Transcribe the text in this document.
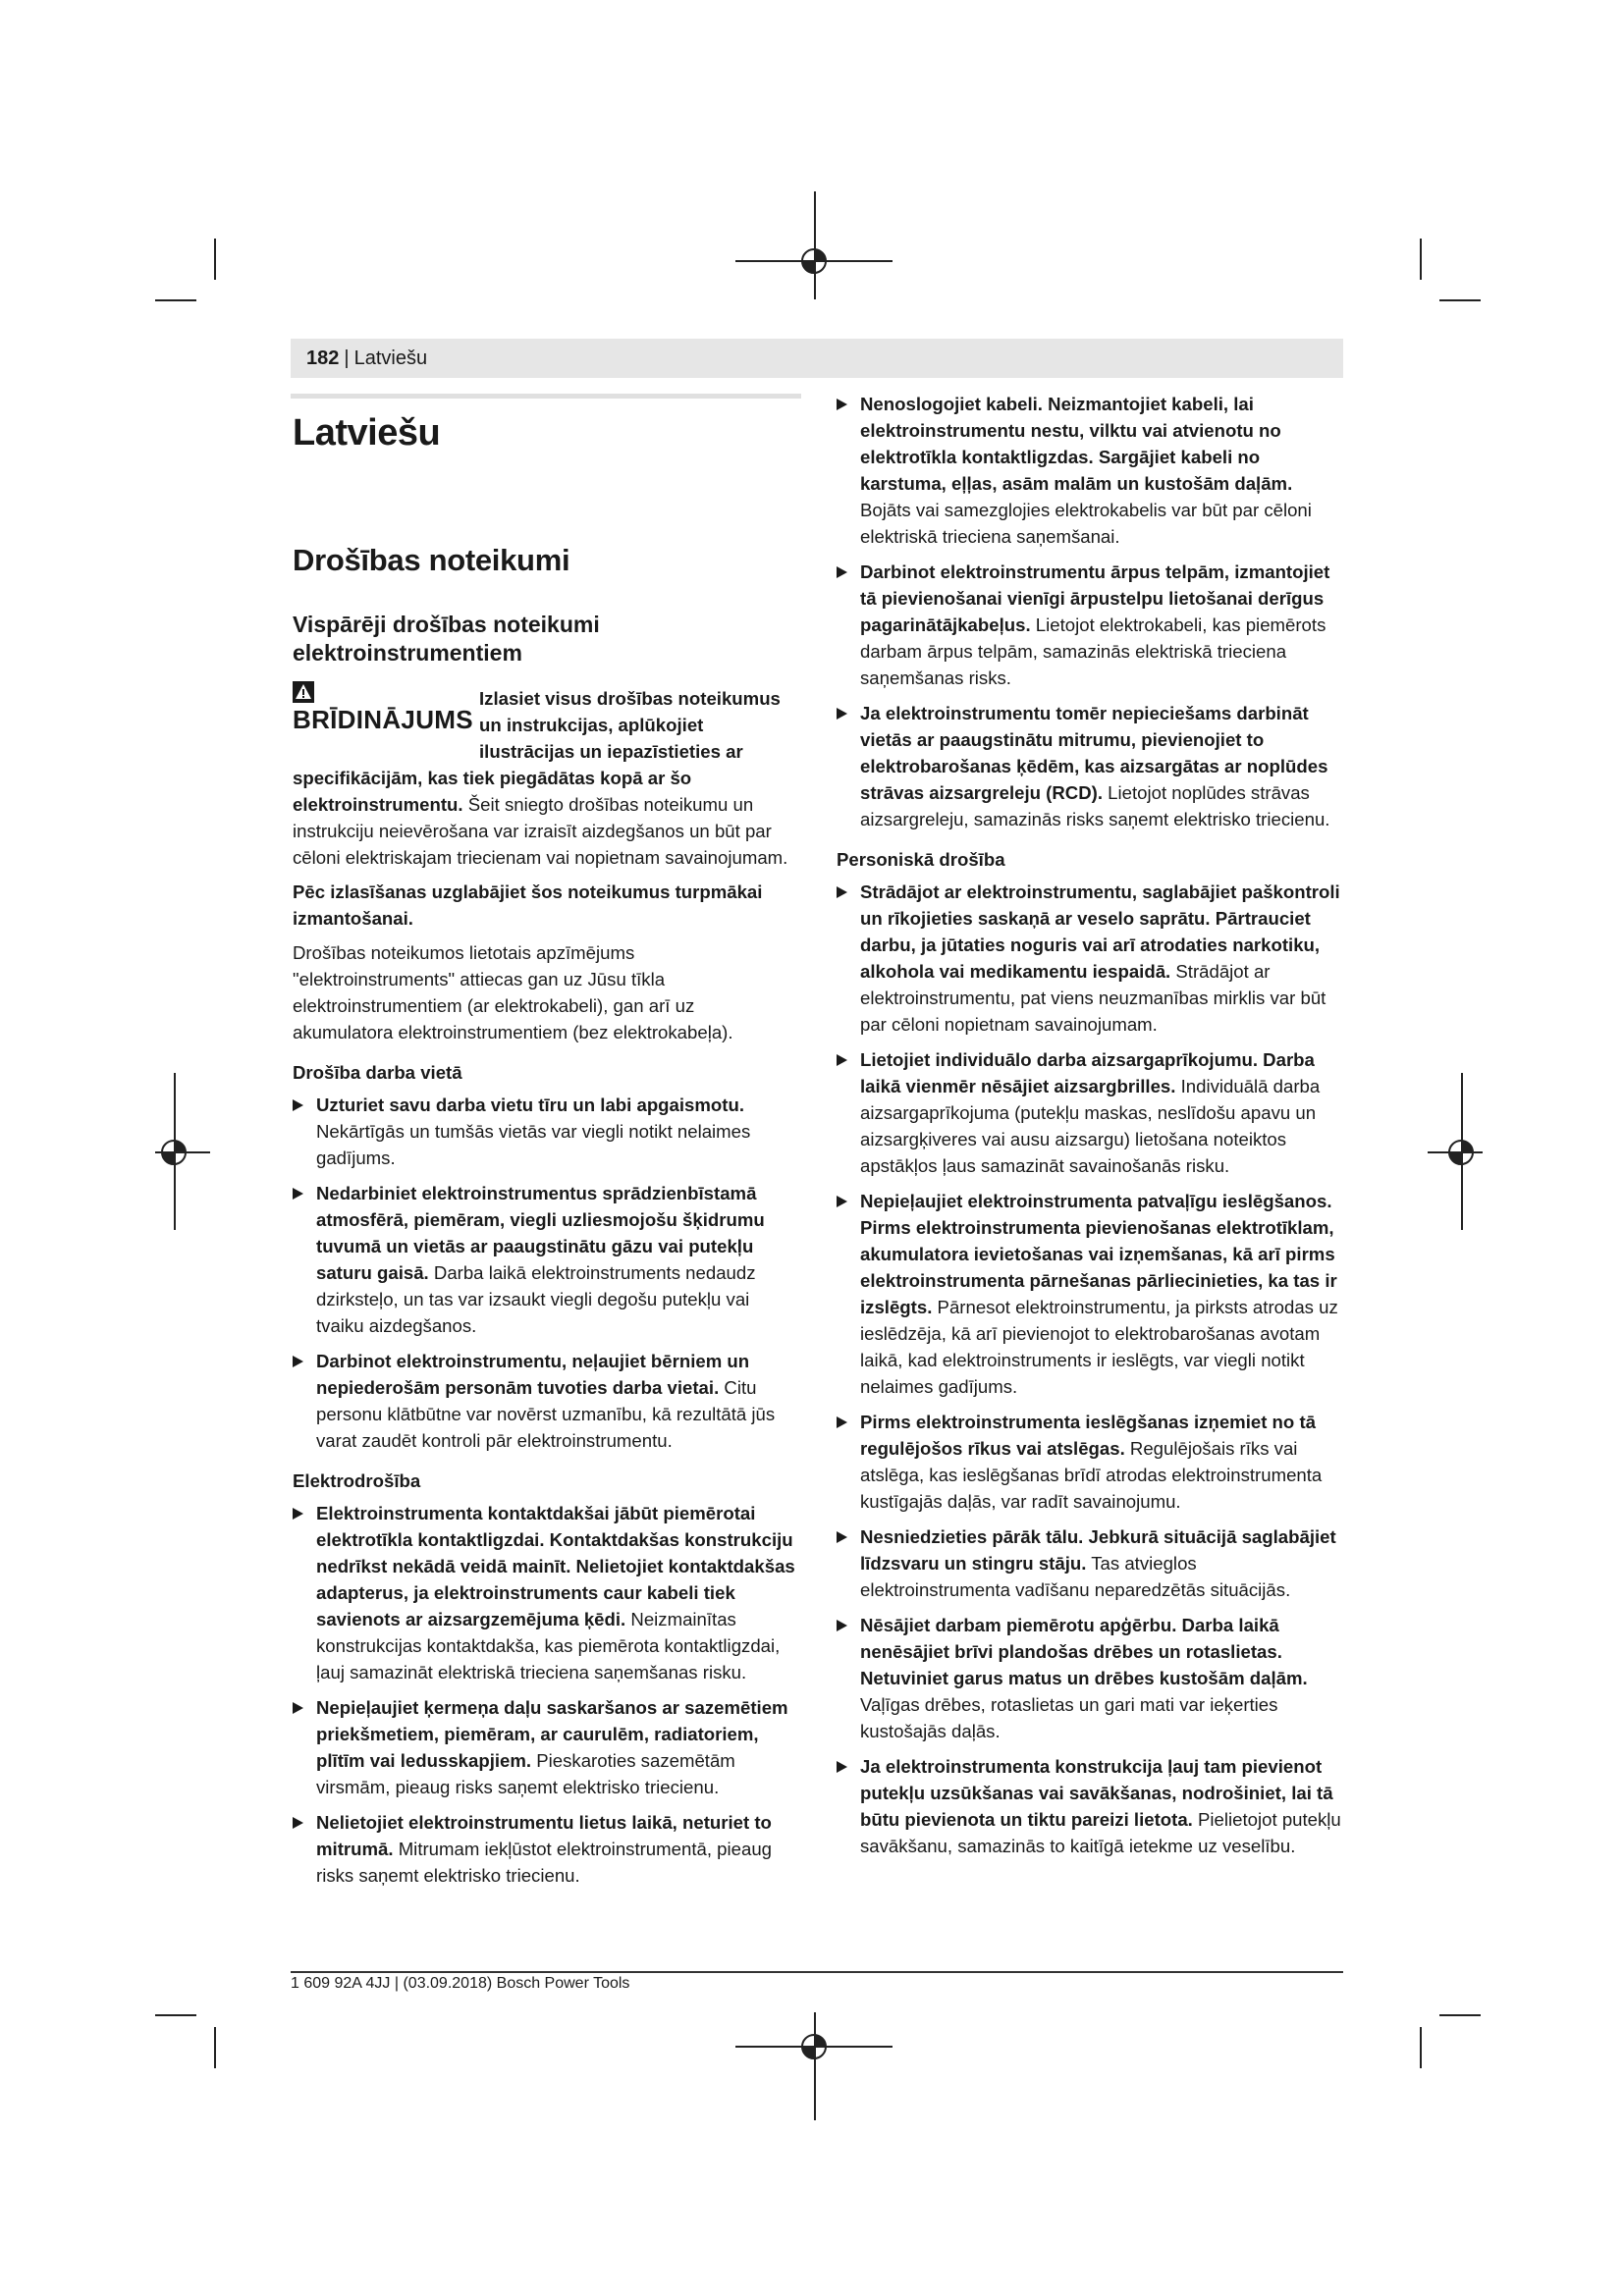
182 | Latviešu
Latviešu
Drošības noteikumi
Vispārēji drošības noteikumi elektroinstrumentiem
BRĪDINĀJUMS
Izlasiet visus drošības noteikumus un instrukcijas, aplūkojiet ilustrācijas un iepazīstieties ar specifikācijām, kas tiek piegādātas kopā ar šo elektroinstrumentu. Šeit sniegto drošības noteikumu un instrukciju neievērošana var izraisīt aizdegšanos un būt par cēloni elektriskajam triecienam vai nopietnam savainojumam.

Pēc izlasīšanas uzglabājiet šos noteikumus turpmākai izmantošanai.

Drošības noteikumos lietotais apzīmējums "elektroinstruments" attiecas gan uz Jūsu tīkla elektroinstrumentiem (ar elektrokabeli), gan arī uz akumulatora elektroinstrumentiem (bez elektrokabeļa).

Drošība darba vietā
Uzturiet savu darba vietu tīru un labi apgaismotu. Nekārtīgās un tumšās vietās var viegli notikt nelaimes gadījums.
Nedarbiniet elektroinstrumentus sprādzienbīstamā atmosfērā, piemēram, viegli uzliesmojošu šķidrumu tuvumā un vietās ar paaugstinātu gāzu vai putekļu saturu gaisā. Darba laikā elektroinstruments nedaudz dzirksteļo, un tas var izsaukt viegli degošu putekļu vai tvaiku aizdegšanos.
Darbinot elektroinstrumentu, neļaujiet bērniem un nepiederošām personām tuvoties darba vietai. Citu personu klātbūtne var novērst uzmanību, kā rezultātā jūs varat zaudēt kontroli pār elektroinstrumentu.
Elektrodrošība
Elektroinstrumenta kontaktdakšai jābūt piemērotai elektrotīkla kontaktligzdai. Kontaktdakšas konstrukciju nedrīkst nekādā veidā mainīt. Nelietojiet kontaktdakšas adapterus, ja elektroinstruments caur kabeli tiek savienots ar aizsargzemējuma ķēdi. Neizmainītas konstrukcijas kontaktdakša, kas piemērota kontaktligzdai, ļauj samazināt elektriskā trieciena saņemšanas risku.
Nepieļaujiet ķermeņa daļu saskaršanos ar sazemētiem priekšmetiem, piemēram, ar caurulēm, radiatoriem, plītīm vai ledusskapjiem. Pieskaroties sazemētām virsmām, pieaug risks saņemt elektrisko triecienu.
Nelietojiet elektroinstrumentu lietus laikā, neturiet to mitrumā. Mitrumam iekļūstot elektroinstrumentā, pieaug risks saņemt elektrisko triecienu.
Nenoslogojiet kabeli. Neizmantojiet kabeli, lai elektroinstrumentu nestu, vilktu vai atvienotu no elektrotīkla kontaktligzdas. Sargājiet kabeli no karstuma, eļļas, asām malām un kustošām daļām. Bojāts vai samezglojies elektrokabelis var būt par cēloni elektriskā trieciena saņemšanai.
Darbinot elektroinstrumentu ārpus telpām, izmantojiet tā pievienošanai vienīgi ārpustelpu lietošanai derīgus pagarinātājkabeļus. Lietojot elektrokabeli, kas piemērots darbam ārpus telpām, samazinās elektriskā trieciena saņemšanas risks.
Ja elektroinstrumentu tomēr nepieciešams darbināt vietās ar paaugstinātu mitrumu, pievienojiet to elektrobarošanas ķēdēm, kas aizsargātas ar noplūdes strāvas aizsargreleju (RCD). Lietojot noplūdes strāvas aizsargreleju, samazinās risks saņemt elektrisko triecienu.
Personiskā drošība
Strādājot ar elektroinstrumentu, saglabājiet paškontroli un rīkojieties saskaņā ar veselo saprātu. Pārtrauciet darbu, ja jūtaties noguris vai arī atrodaties narkotiku, alkohola vai medikamentu iespaidā. Strādājot ar elektroinstrumentu, pat viens neuzmanības mirklis var būt par cēloni nopietnam savainojumam.
Lietojiet individuālo darba aizsargaprīkojumu. Darba laikā vienmēr nēsājiet aizsargbrilles. Individuālā darba aizsargaprīkojuma (putekļu maskas, neslīdošu apavu un aizsargķiveres vai ausu aizsargu) lietošana noteiktos apstākļos ļaus samazināt savainošanās risku.
Nepieļaujiet elektroinstrumenta patvaļīgu ieslēgšanos. Pirms elektroinstrumenta pievienošanas elektrotīklam, akumulatora ievietošanas vai izņemšanas, kā arī pirms elektroinstrumenta pārnešanas pārliecinieties, ka tas ir izslēgts. Pārnesot elektroinstrumentu, ja pirksts atrodas uz ieslēdzēja, kā arī pievienojot to elektrobarošanas avotam laikā, kad elektroinstruments ir ieslēgts, var viegli notikt nelaimes gadījums.
Pirms elektroinstrumenta ieslēgšanas izņemiet no tā regulējošos rīkus vai atslēgas. Regulējošais rīks vai atslēga, kas ieslēgšanas brīdī atrodas elektroinstrumenta kustīgajās daļās, var radīt savainojumu.
Nesniedzieties pārāk tālu. Jebkurā situācijā saglabājiet līdzsvaru un stingru stāju. Tas atvieglos elektroinstrumenta vadīšanu neparedzētās situācijās.
Nēsājiet darbam piemērotu apģērbu. Darba laikā nenēsājiet brīvi plandošas drēbes un rotaslietas. Netuviniet garus matus un drēbes kustošām daļām. Vaļīgas drēbes, rotaslietas un gari mati var ieķerties kustošajās daļās.
Ja elektroinstrumenta konstrukcija ļauj tam pievienot putekļu uzsūkšanas vai savākšanas, nodrošiniet, lai tā būtu pievienota un tiktu pareizi lietota. Pielietojot putekļu savākšanu, samazinās to kaitīgā ietekme uz veselību.
1 609 92A 4JJ | (03.09.2018) Bosch Power Tools
